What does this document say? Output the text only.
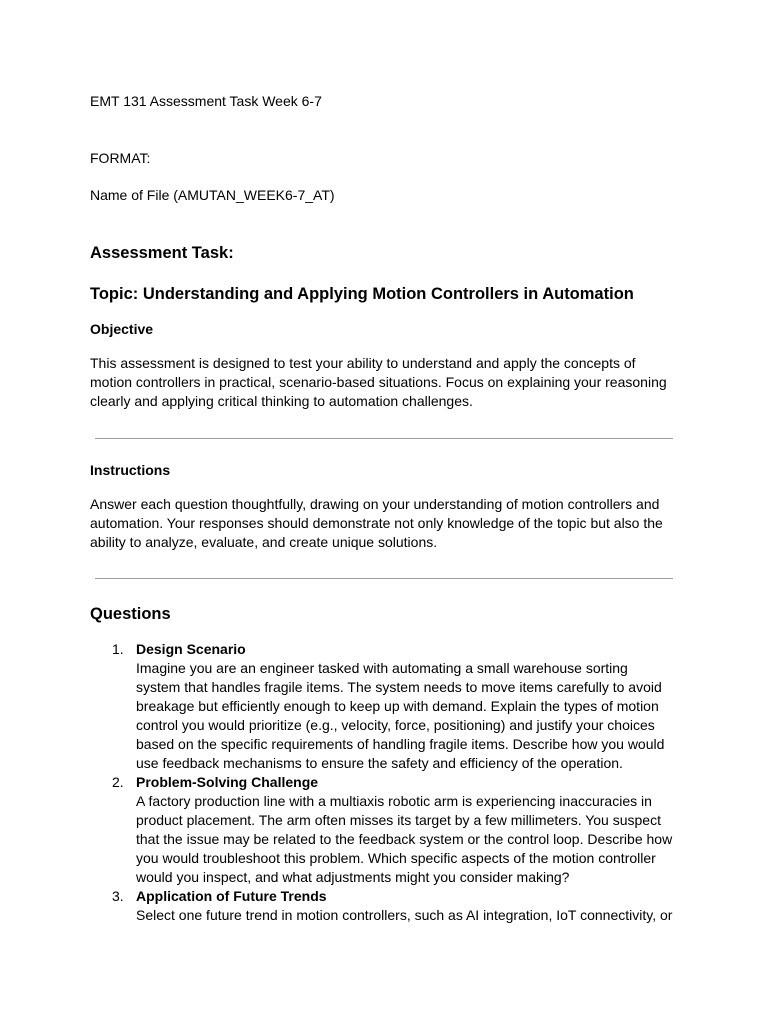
EMT 131 Assessment Task Week 6-7

FORMAT:

Name of File (AMUTAN_WEEK6-7_AT)

Assessment Task:
Topic: Understanding and Applying Motion Controllers in Automation
Objective

This assessment is designed to test your ability to understand and apply the concepts of motion controllers in practical, scenario-based situations. Focus on explaining your reasoning clearly and applying critical thinking to automation challenges.

Instructions

Answer each question thoughtfully, drawing on your understanding of motion controllers and automation. Your responses should demonstrate not only knowledge of the topic but also the ability to analyze, evaluate, and create unique solutions.

Questions
1. Design Scenario
Imagine you are an engineer tasked with automating a small warehouse sorting system that handles fragile items. The system needs to move items carefully to avoid breakage but efficiently enough to keep up with demand. Explain the types of motion control you would prioritize (e.g., velocity, force, positioning) and justify your choices based on the specific requirements of handling fragile items. Describe how you would use feedback mechanisms to ensure the safety and efficiency of the operation.
2. Problem-Solving Challenge
A factory production line with a multiaxis robotic arm is experiencing inaccuracies in product placement. The arm often misses its target by a few millimeters. You suspect that the issue may be related to the feedback system or the control loop. Describe how you would troubleshoot this problem. Which specific aspects of the motion controller would you inspect, and what adjustments might you consider making?
3. Application of Future Trends
Select one future trend in motion controllers, such as AI integration, IoT connectivity, or
